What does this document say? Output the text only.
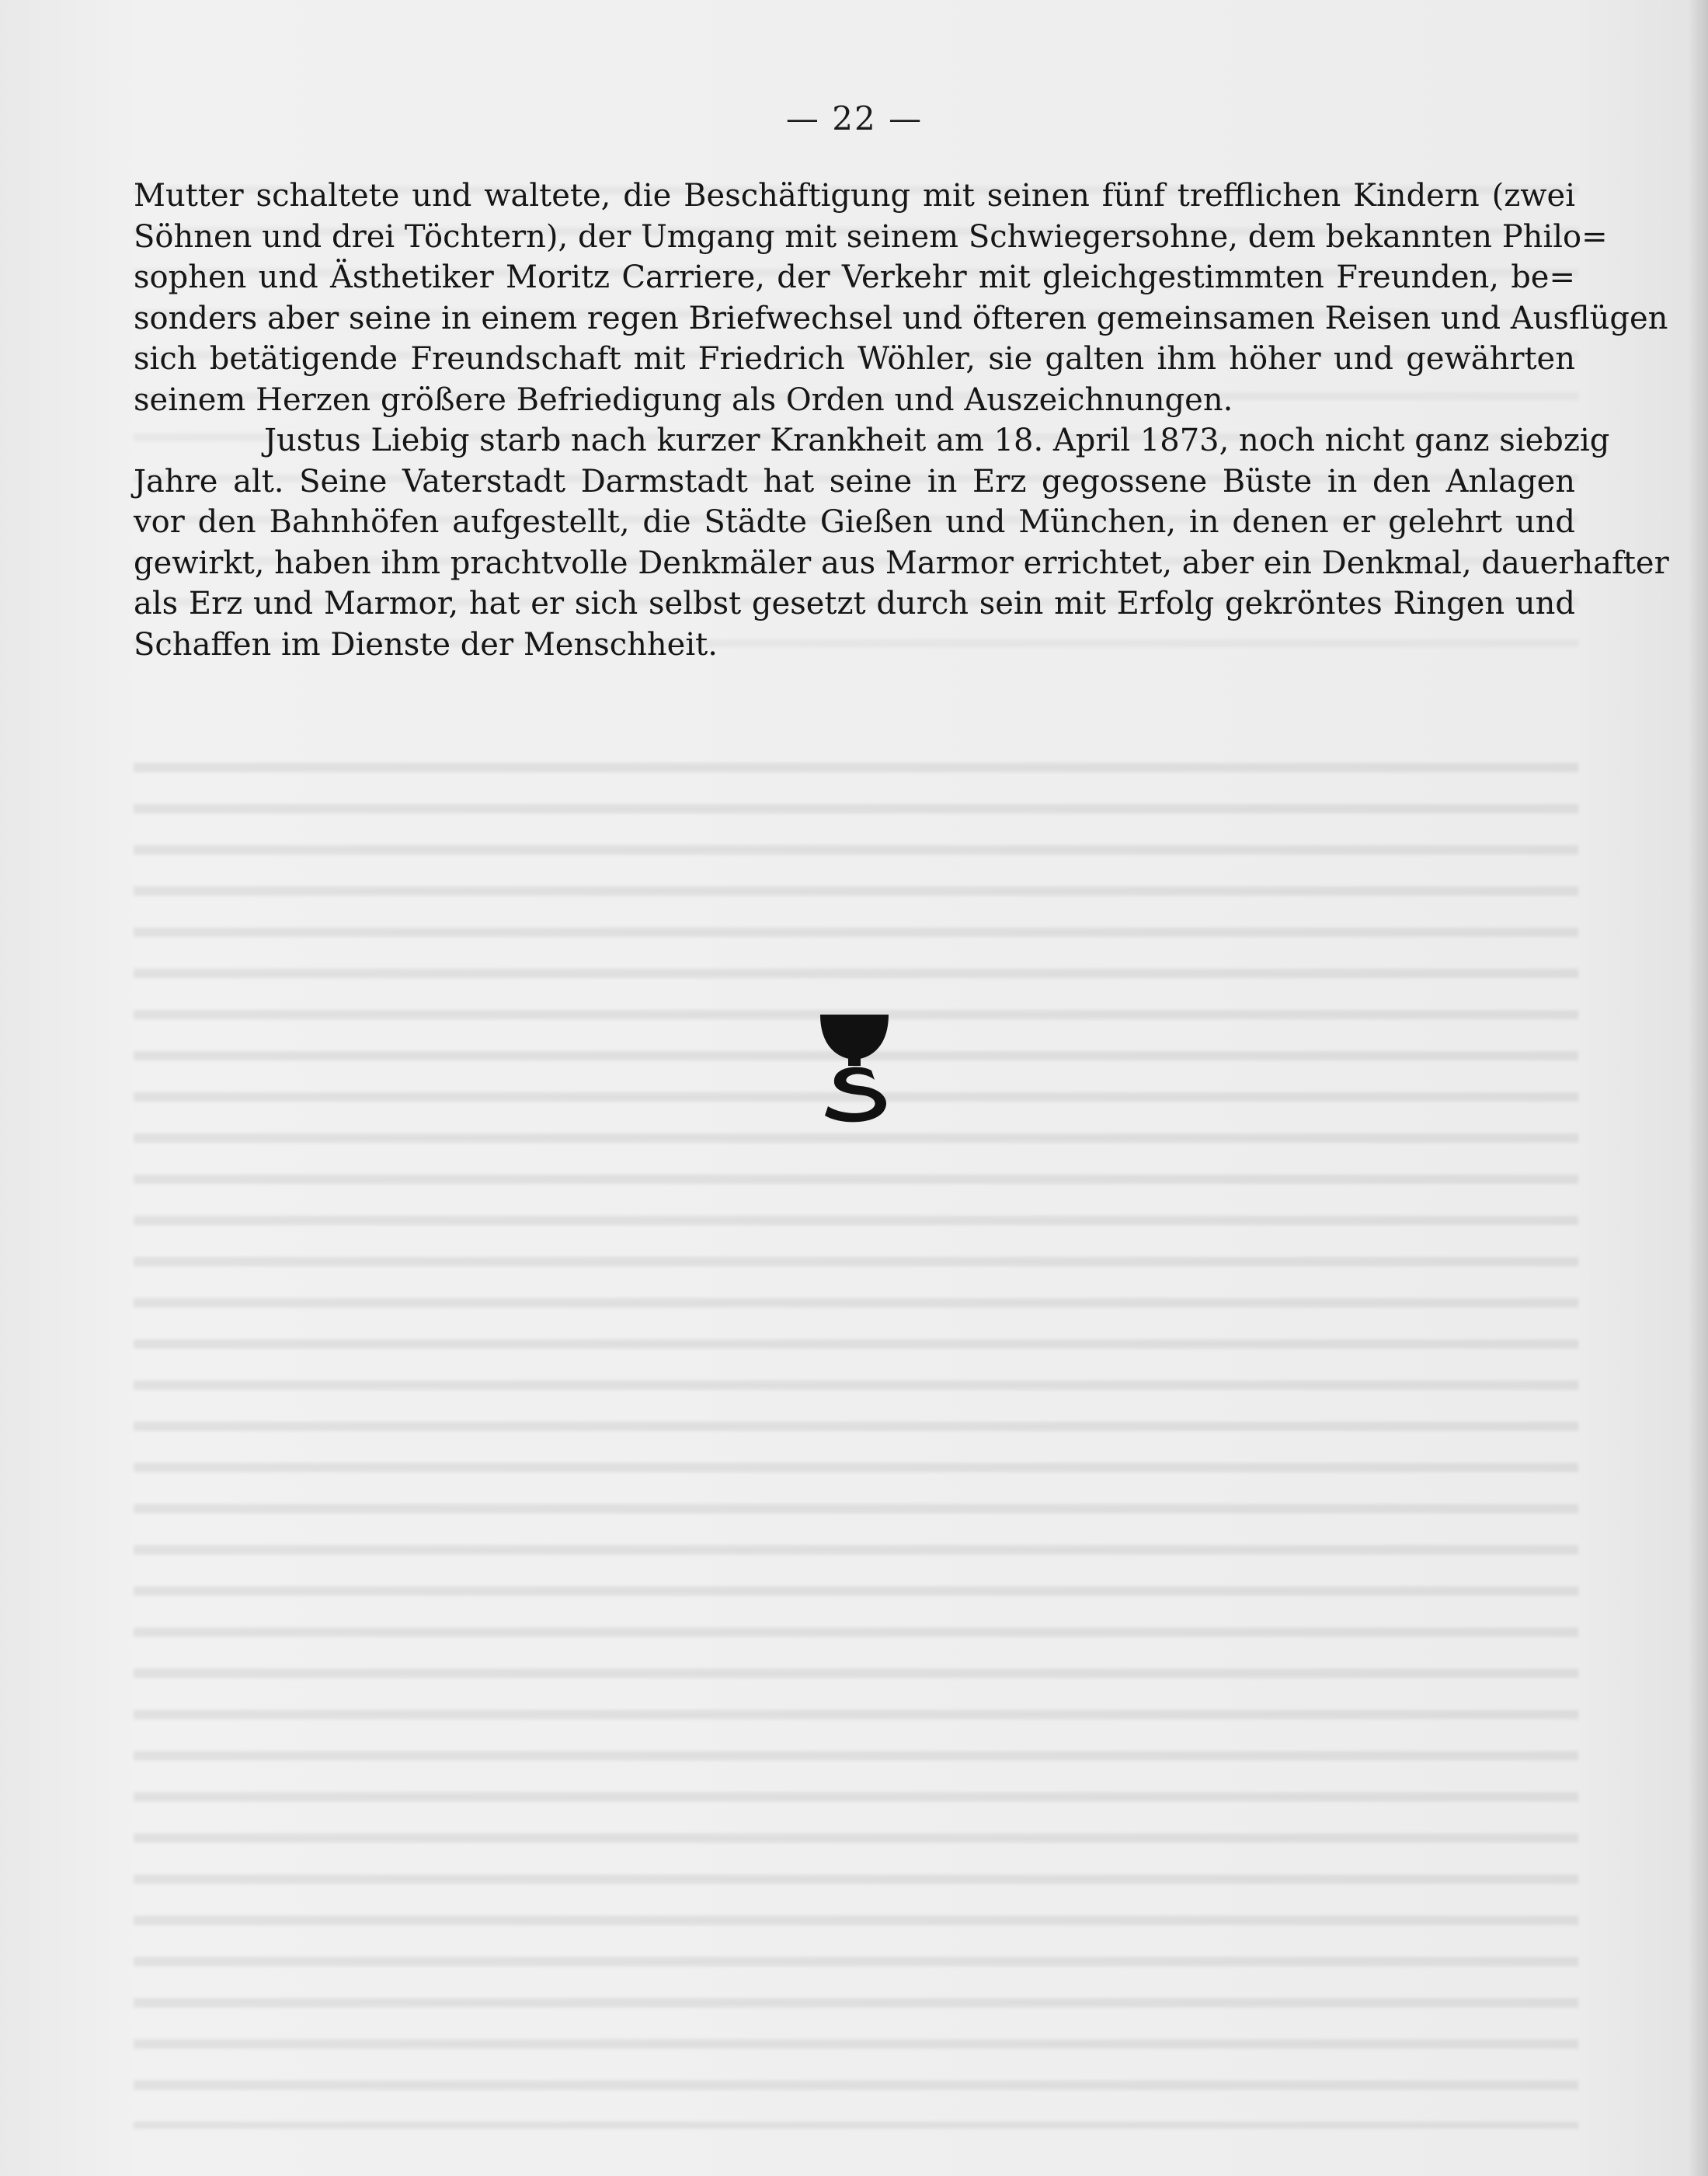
— 22 —

Mutter schaltete und waltete, die Beschäftigung mit seinen fünf trefflichen Kindern (zwei
Söhnen und drei Töchtern), der Umgang mit seinem Schwiegersohne, dem bekannten Philo=
sophen und Ästhetiker Moritz Carriere, der Verkehr mit gleichgestimmten Freunden, be=
sonders aber seine in einem regen Briefwechsel und öfteren gemeinsamen Reisen und Ausflügen
sich betätigende Freundschaft mit Friedrich Wöhler, sie galten ihm höher und gewährten
seinem Herzen größere Befriedigung als Orden und Auszeichnungen.

Justus Liebig starb nach kurzer Krankheit am 18. April 1873, noch nicht ganz siebzig
Jahre alt. Seine Vaterstadt Darmstadt hat seine in Erz gegossene Büste in den Anlagen
vor den Bahnhöfen aufgestellt, die Städte Gießen und München, in denen er gelehrt und
gewirkt, haben ihm prachtvolle Denkmäler aus Marmor errichtet, aber ein Denkmal, dauerhafter
als Erz und Marmor, hat er sich selbst gesetzt durch sein mit Erfolg gekröntes Ringen und
Schaffen im Dienste der Menschheit.
